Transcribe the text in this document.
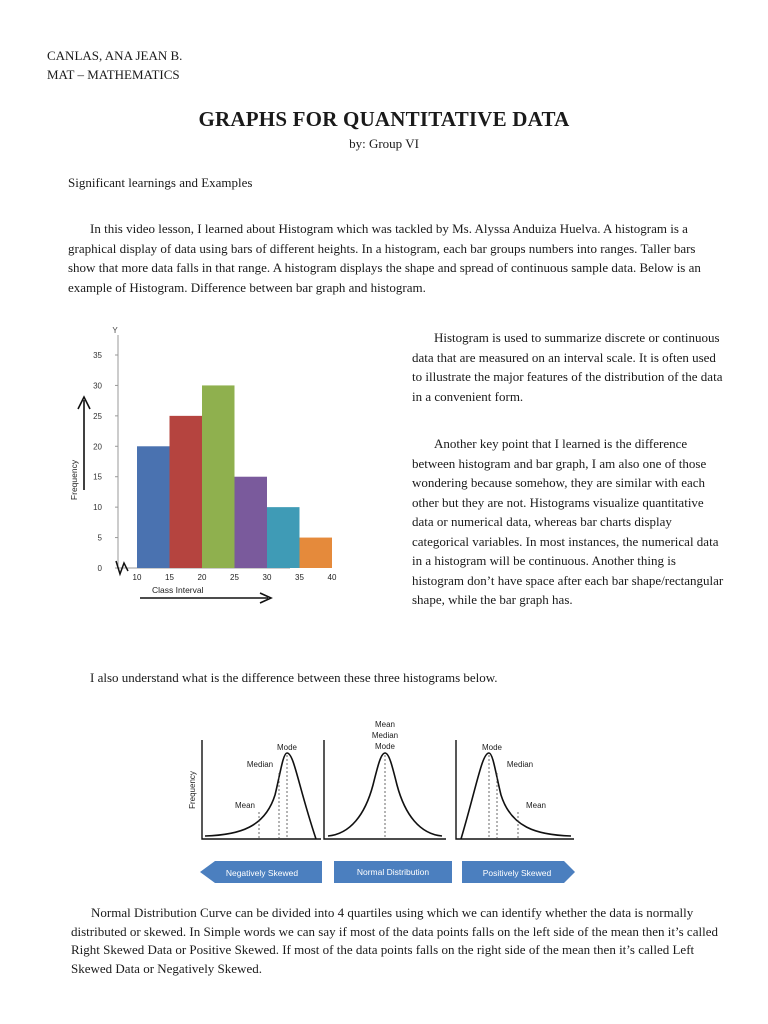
CANLAS, ANA JEAN B.
MAT – MATHEMATICS
GRAPHS FOR QUANTITATIVE DATA
by: Group VI
Significant learnings and Examples

In this video lesson, I learned about Histogram which was tackled by Ms. Alyssa Anduiza Huelva. A histogram is a graphical display of data using bars of different heights. In a histogram, each bar groups numbers into ranges. Taller bars show that more data falls in that range. A histogram displays the shape and spread of continuous sample data. Below is an example of Histogram. Difference between bar graph and histogram.

Y
0
5
10
15
20
25
30
35
10	15	20	25	30	35	40
Frequency
Class Interval

Histogram is used to summarize discrete or continuous data that are measured on an interval scale. It is often used to illustrate the major features of the distribution of the data in a convenient form.

Another key point that I learned is the difference between histogram and bar graph, I am also one of those wondering because somehow, they are similar with each other but they are not. Histograms visualize quantitative data or numerical data, whereas bar charts display categorical variables. In most instances, the numerical data in a histogram will be continuous. Another thing is histogram don’t have space after each bar shape/rectangular shape, while the bar graph has.

I also understand what is the difference between these three histograms below.

Frequency
Mode
Median
Mean
Mean
Median
Mode	Mode
Median
Mean
Negatively Skewed	Normal Distribution	Positively Skewed

Normal Distribution Curve can be divided into 4 quartiles using which we can identify whether the data is normally distributed or skewed. In Simple words we can say if most of the data points falls on the left side of the mean then it’s called Right Skewed Data or Positive Skewed. If most of the data points falls on the right side of the mean then it’s called Left Skewed Data or Negatively Skewed.
